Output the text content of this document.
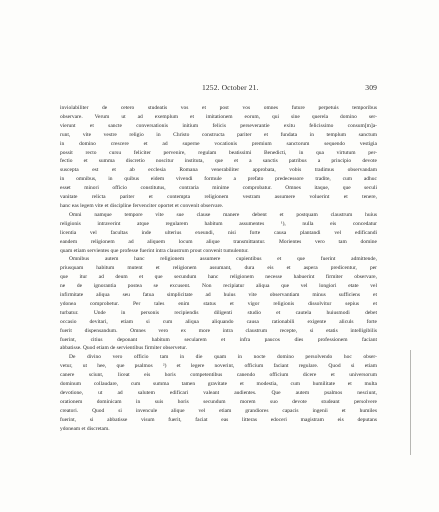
1252. October 21.	309
inviolabiliter de cetero studeatis vos et post vos omnes future perpetuis temporibus
observare. Verum ut ad exemplum et imitationem eorum, qui sine querela domino ser-
vierunt et sancte conversationis initium felicis perseverantie exitu felicissimo consum[m]a-
runt, vite vestre religio in Christo constructa pariter et fundata in templum sanctum
in domino crescere et ad superne vocationis premium sanctorum sequendo vestigia
possit recto cursu feliciter pervenire, regulam beatissimi Benedicti, in qua virtutum per-
fectio et summa discretio noscitur instituta, que et a sanctis patribus a principio devote
suscepta est et ab ecclesia Romana venerabiliter approbata, vobis tradimus observandam
in omnibus, in quibus eidem vivendi formule a prefato predecessore tradite, cum adhuc
esset minori officio constitutus, contraria minime comprobatur. Omnes itaque, que seculi
vanitate relicta pariter et contempta religionem vestram assumere voluerint et tenere,
hanc eas legem vite et discipline fervenciter oportet et convenit observare.
Omni namque tempore vite sue clause manere debent et postquam claustrum huius
religionis intraverint atque regularem habitum assumentes ¹), nulla eis concedatur
licentia vel facultas inde ulterius exeundi, nisi forte causa plantandi vel edificandi
eandem religionem ad aliquem locum alique transmittantur. Morientes vero tam domine
quam etiam servientes que professe fuerint intra claustrum prout convenit tumulentur.
Omnibus autem hanc religionem assumere cupientibus et que fuerint admittende,
priusquam habitum mutent et religionem assumant, dura eis et aspera predicentur, per
que itur ad deum et que secundum hanc religionem necesse habuerint firmiter observare,
ne de ignorantia postea se excusent. Non recipiatur aliqua que vel longiori etate vel
infirmitate aliqua seu fatua simplicitate ad huius vite observantiam minus sufficiens et
ydonea comprobetur. Per tales enim status et vigor religionis dissolvitur sepius et
turbatur. Unde in personis recipiendis diligenti studio et cautela huiusmodi debet
occasio devitari, etiam si cum aliqua aliquando causa rationabili exigente aliculs forte
fuerit dispensandum. Omnes vero ex more intra claustrum recepte, si etatis intelligibilis
fuerint, citius deponant habitum secularem et infra paucos dies professionem faciant
abbatisse. Quod etiam de servientibus firmiter observetur.
De divino vero officio tam in die quam in nocte domino persolvendo hoc obser-
vetur, ut hee, que psalmos ²) et legere noverint, officium faciant regulare. Quod si etiam
canere sciunt, liceat eis horis competentibus canendo officium dicere et universorum
dominum collaudare, cum summa tamen gravitate et modestia, cum humilitate et multa
devotione, ut ad salutem edificari valeant audientes. Que autem psalmos nesciunt,
orationem dominicam in suis horis secundum morem suo devote studeant persolvere
creatori. Quod si invencule alique vel etiam grandiores capacis ingenii et humiles
fuerint, si abbatisse visum fuerit, faciat eas litteras edoceri magistram eis deputans
ydoneam et discretam.
